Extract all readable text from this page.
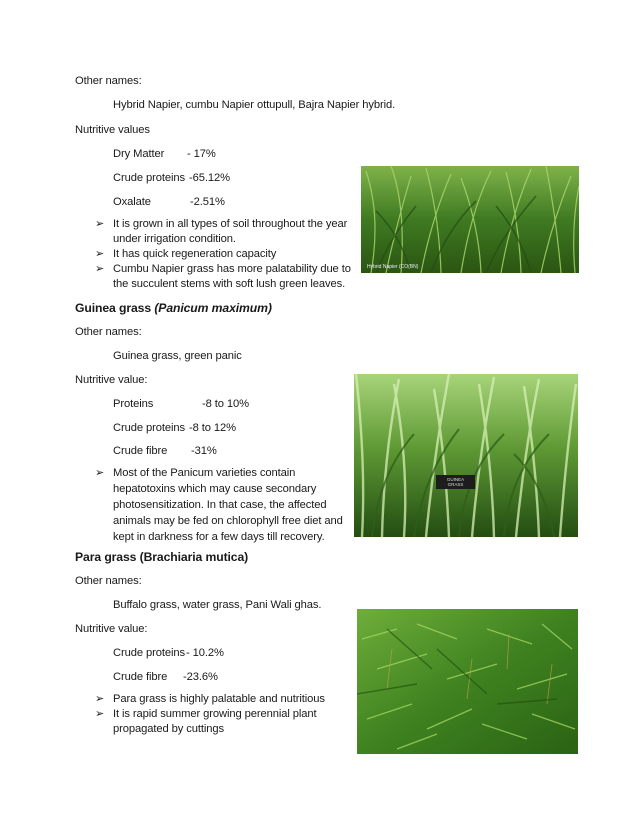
Other names:
Hybrid Napier, cumbu Napier ottupull, Bajra Napier hybrid.
Nutritive values
Dry Matter - 17%
Crude proteins -65.12%
Oxalate	-2.51%
➢ It is grown in all types of soil throughout the year
under irrigation condition.
➢ It has quick regeneration capacity
➢ Cumbu Napier grass has more palatability due to
the succulent stems with soft lush green leaves.
Hybrid Napier (CO(BN)
Guinea grass (Panicum maximum)
Other names:
Guinea grass, green panic
Nutritive value:
Proteins	-8 to 10%
Crude proteins -8 to 12%
Crude fibre -31%
➢ Most of the Panicum varieties contain
hepatotoxins which may cause secondary
photosensitization. In that case, the affected
animals may be fed on chlorophyll free diet and
kept in darkness for a few days till recovery.
GUINEA GRASS
Para grass (Brachiaria mutica)
Other names:
Buffalo grass, water grass, Pani Wali ghas.
Nutritive value:
Crude proteins- 10.2%
Crude fibre -23.6%
➢ Para grass is highly palatable and nutritious
➢ It is rapid summer growing perennial plant
propagated by cuttings
